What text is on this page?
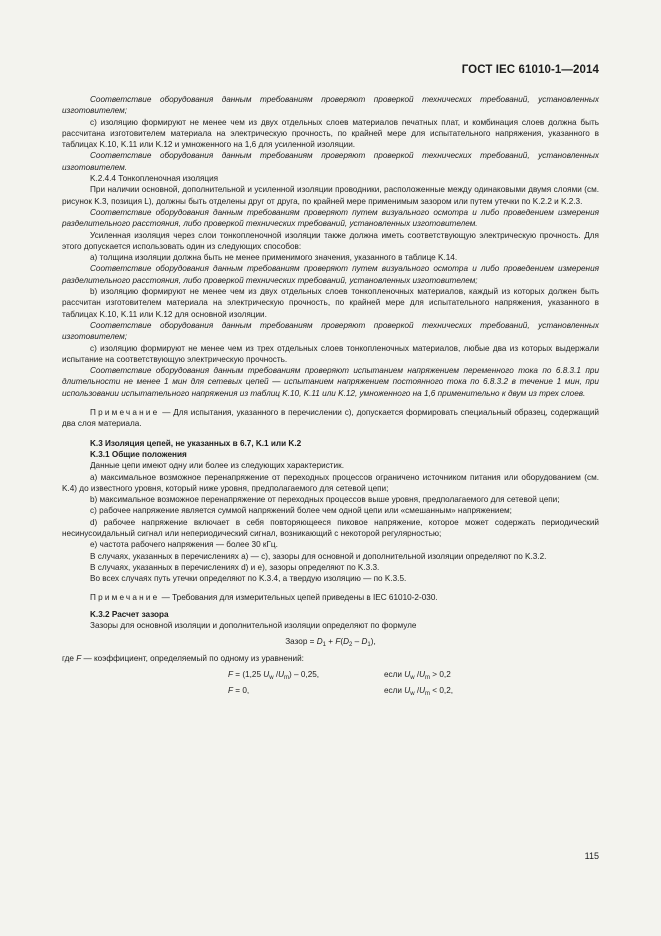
ГОСТ IEC 61010-1—2014

Соответствие оборудования данным требованиям проверяют проверкой технических требований, установленных изготовителем;

c) изоляцию формируют не менее чем из двух отдельных слоев материалов печатных плат, и комбинация слоев должна быть рассчитана изготовителем материала на электрическую прочность, по крайней мере для испытательного напряжения, указанного в таблицах K.10, K.11 или K.12 и умноженного на 1,6 для усиленной изоляции.

Соответствие оборудования данным требованиям проверяют проверкой технических требований, установленных изготовителем.

K.2.4.4 Тонкопленочная изоляция

При наличии основной, дополнительной и усиленной изоляции проводники, расположенные между одинаковыми двумя слоями (см. рисунок K.3, позиция L), должны быть отделены друг от друга, по крайней мере применимым зазором или путем утечки по K.2.2 и K.2.3.

Соответствие оборудования данным требованиям проверяют путем визуального осмотра и либо проведением измерения разделительного расстояния, либо проверкой технических требований, установленных изготовителем.

Усиленная изоляция через слои тонкопленочной изоляции также должна иметь соответствующую электрическую прочность. Для этого допускается использовать один из следующих способов:

a) толщина изоляции должна быть не менее применимого значения, указанного в таблице K.14.

Соответствие оборудования данным требованиям проверяют путем визуального осмотра и либо проведением измерения разделительного расстояния, либо проверкой технических требований, установленных изготовителем;

b) изоляцию формируют не менее чем из двух отдельных слоев тонкопленочных материалов, каждый из которых должен быть рассчитан изготовителем материала на электрическую прочность, по крайней мере для испытательного напряжения, указанного в таблицах K.10, K.11 или K.12 для основной изоляции.

Соответствие оборудования данным требованиям проверяют проверкой технических требований, установленных изготовителем;

c) изоляцию формируют не менее чем из трех отдельных слоев тонкопленочных материалов, любые два из которых выдержали испытание на соответствующую электрическую прочность.

Соответствие оборудования данным требованиям проверяют испытанием напряжением переменного тока по 6.8.3.1 при длительности не менее 1 мин для сетевых цепей — испытанием напряжением постоянного тока по 6.8.3.2 в течение 1 мин, при использовании испытательного напряжения из таблиц K.10, K.11 или K.12, умноженного на 1,6 применительно к двум из трех слоев.

Примечание — Для испытания, указанного в перечислении c), допускается формировать специальный образец, содержащий два слоя материала.

K.3 Изоляция цепей, не указанных в 6.7, K.1 или K.2

K.3.1 Общие положения

Данные цепи имеют одну или более из следующих характеристик.

a) максимальное возможное перенапряжение от переходных процессов ограничено источником питания или оборудованием (см. K.4) до известного уровня, который ниже уровня, предполагаемого для сетевой цепи;

b) максимальное возможное перенапряжение от переходных процессов выше уровня, предполагаемого для сетевой цепи;

c) рабочее напряжение является суммой напряжений более чем одной цепи или «смешанным» напряжением;

d) рабочее напряжение включает в себя повторяющееся пиковое напряжение, которое может содержать периодический несинусоидальный сигнал или непериодический сигнал, возникающий с некоторой регулярностью;

e) частота рабочего напряжения — более 30 кГц.

В случаях, указанных в перечислениях a) — c), зазоры для основной и дополнительной изоляции определяют по K.3.2.

В случаях, указанных в перечислениях d) и e), зазоры определяют по K.3.3.

Во всех случаях путь утечки определяют по K.3.4, а твердую изоляцию — по K.3.5.

Примечание — Требования для измерительных цепей приведены в IEC 61010-2-030.

K.3.2 Расчет зазора

Зазоры для основной изоляции и дополнительной изоляции определяют по формуле

Зазор = $D_1 + F(D_2 - D_1)$,

где F — коэффициент, определяемый по одному из уравнений:

F = (1,25 $U_w$ $/U_m) - 0,25$,	если $U_w$ $/U_m > 0,2$
F = 0,	если $U_w$ $/U_m < 0,2$,
115
